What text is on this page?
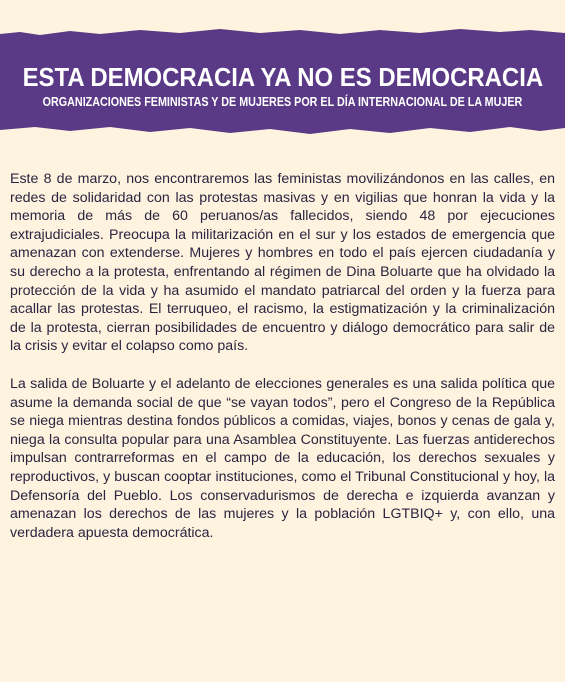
ESTA DEMOCRACIA YA NO ES DEMOCRACIA
ORGANIZACIONES FEMINISTAS Y DE MUJERES POR EL DÍA INTERNACIONAL DE LA MUJER

Este 8 de marzo, nos encontraremos las feministas movilizándonos en las calles, en redes de solidaridad con las protestas masivas y en vigilias que honran la vida y la memoria de más de 60 peruanos/as fallecidos, siendo 48 por ejecuciones extrajudiciales. Preocupa la militarización en el sur y los estados de emergencia que amenazan con extenderse. Mujeres y hombres en todo el país ejercen ciudadanía y su derecho a la protesta, enfrentando al régimen de Dina Boluarte que ha olvidado la protección de la vida y ha asumido el mandato patriarcal del orden y la fuerza para acallar las protestas. El terruqueo, el racismo, la estigmatización y la criminalización de la protesta, cierran posibilidades de encuentro y diálogo democrático para salir de la crisis y evitar el colapso como país.

La salida de Boluarte y el adelanto de elecciones generales es una salida política que asume la demanda social de que “se vayan todos”, pero el Congreso de la República se niega mientras destina fondos públicos a comidas, viajes, bonos y cenas de gala y, niega la consulta popular para una Asamblea Constituyente. Las fuerzas antiderechos impulsan contrarreformas en el campo de la educación, los derechos sexuales y reproductivos, y buscan cooptar instituciones, como el Tribunal Constitucional y hoy, la Defensoría del Pueblo. Los conservadurismos de derecha e izquierda avanzan y amenazan los derechos de las mujeres y la población LGTBIQ+ y, con ello, una verdadera apuesta democrática.
